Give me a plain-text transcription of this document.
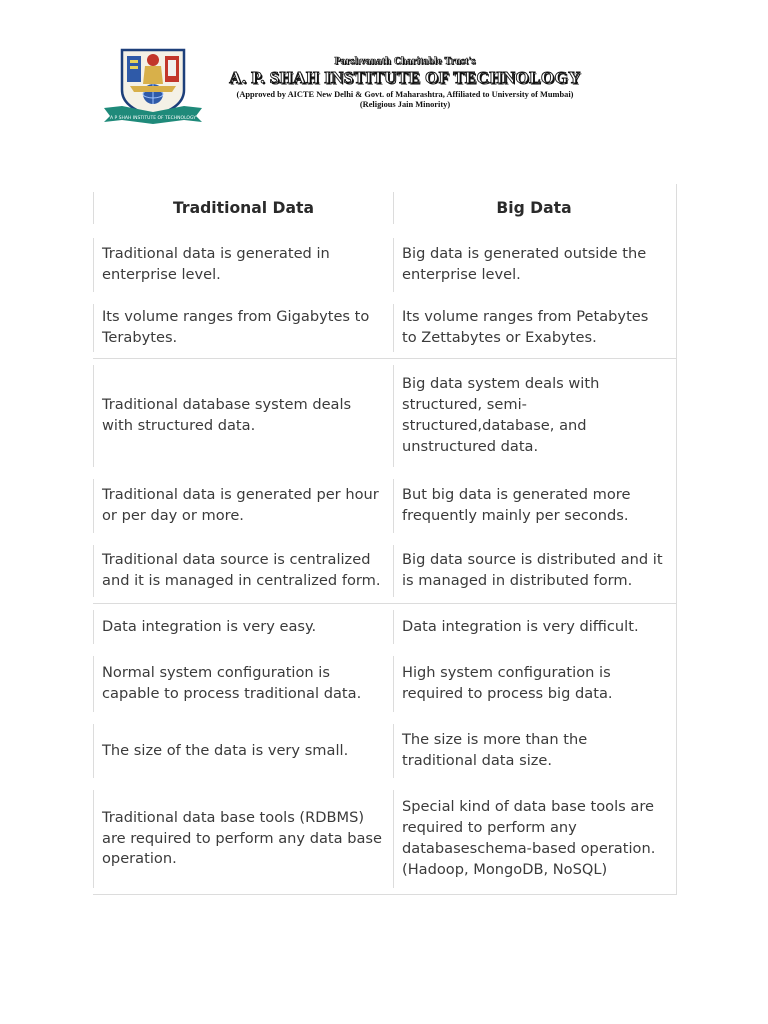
A P SHAH INSTITUTE OF TECHNOLOGY
Parshvanath Charitable Trust's
A. P. SHAH INSTITUTE OF TECHNOLOGY
(Approved by AICTE New Delhi & Govt. of Maharashtra, Affiliated to University of Mumbai)
(Religious Jain Minority)
Traditional Data	Big Data
Traditional data is generated in enterprise level.
Big data is generated outside the enterprise level.
Its volume ranges from Gigabytes to Terabytes.
Its volume ranges from Petabytes to Zettabytes or Exabytes.
Traditional database system deals with structured data.
Big data system deals with structured, semi-structured,database, and unstructured data.
Traditional data is generated per hour or per day or more.
But big data is generated more frequently mainly per seconds.
Traditional data source is centralized and it is managed in centralized form.
Big data source is distributed and it is managed in distributed form.
Data integration is very easy.	Data integration is very difficult.
Normal system configuration is capable to process traditional data.
High system configuration is required to process big data.
The size of the data is very small.
The size is more than the traditional data size.
Traditional data base tools (RDBMS) are required to perform any data base operation.
Special kind of data base tools are required to perform any databaseschema-based operation. (Hadoop, MongoDB, NoSQL)
